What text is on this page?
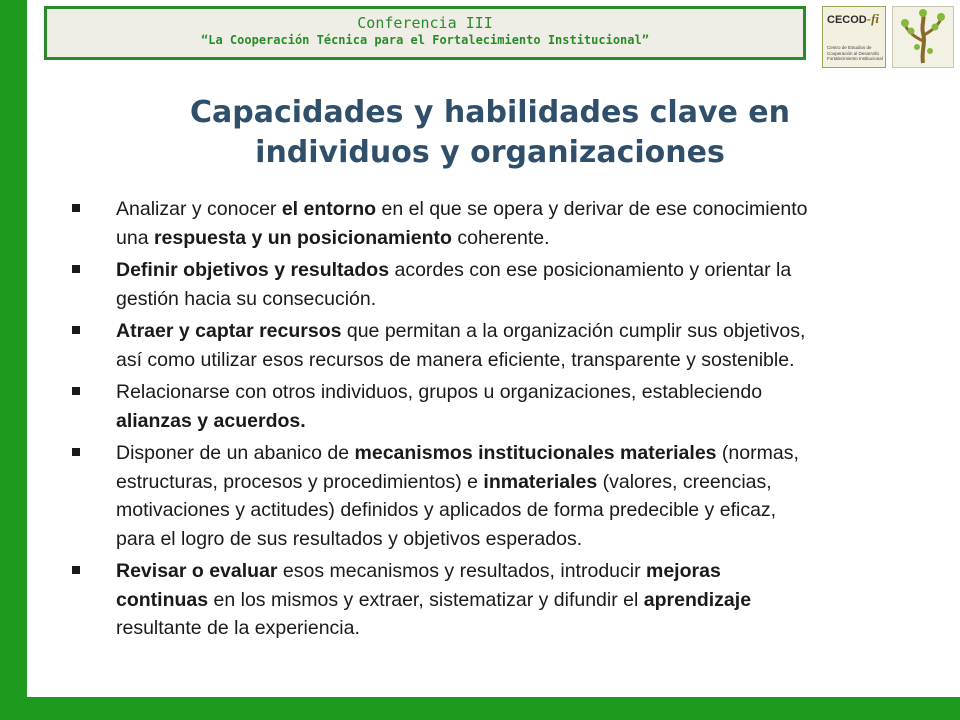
Conferencia III
“La Cooperación Técnica para el Fortalecimiento Institucional”
CECOD-fi
Centro de Estudios de Cooperación al Desarrollo Fortalecimiento Institucional
Capacidades y habilidades clave en
individuos y organizaciones
Analizar y conocer el entorno en el que se opera y derivar de ese conocimiento
una respuesta y un posicionamiento coherente.
Definir objetivos y resultados acordes con ese posicionamiento y orientar la
gestión hacia su consecución.
Atraer y captar recursos que permitan a la organización cumplir sus objetivos,
así como utilizar esos recursos de manera eficiente, transparente y sostenible.
Relacionarse con otros individuos, grupos u organizaciones, estableciendo
alianzas y acuerdos.
Disponer de un abanico de mecanismos institucionales materiales (normas,
estructuras, procesos y procedimientos) e inmateriales (valores, creencias,
motivaciones y actitudes) definidos y aplicados de forma predecible y eficaz,
para el logro de sus resultados y objetivos esperados.
Revisar o evaluar esos mecanismos y resultados, introducir mejoras
continuas en los mismos y extraer, sistematizar y difundir el aprendizaje
resultante de la experiencia.
